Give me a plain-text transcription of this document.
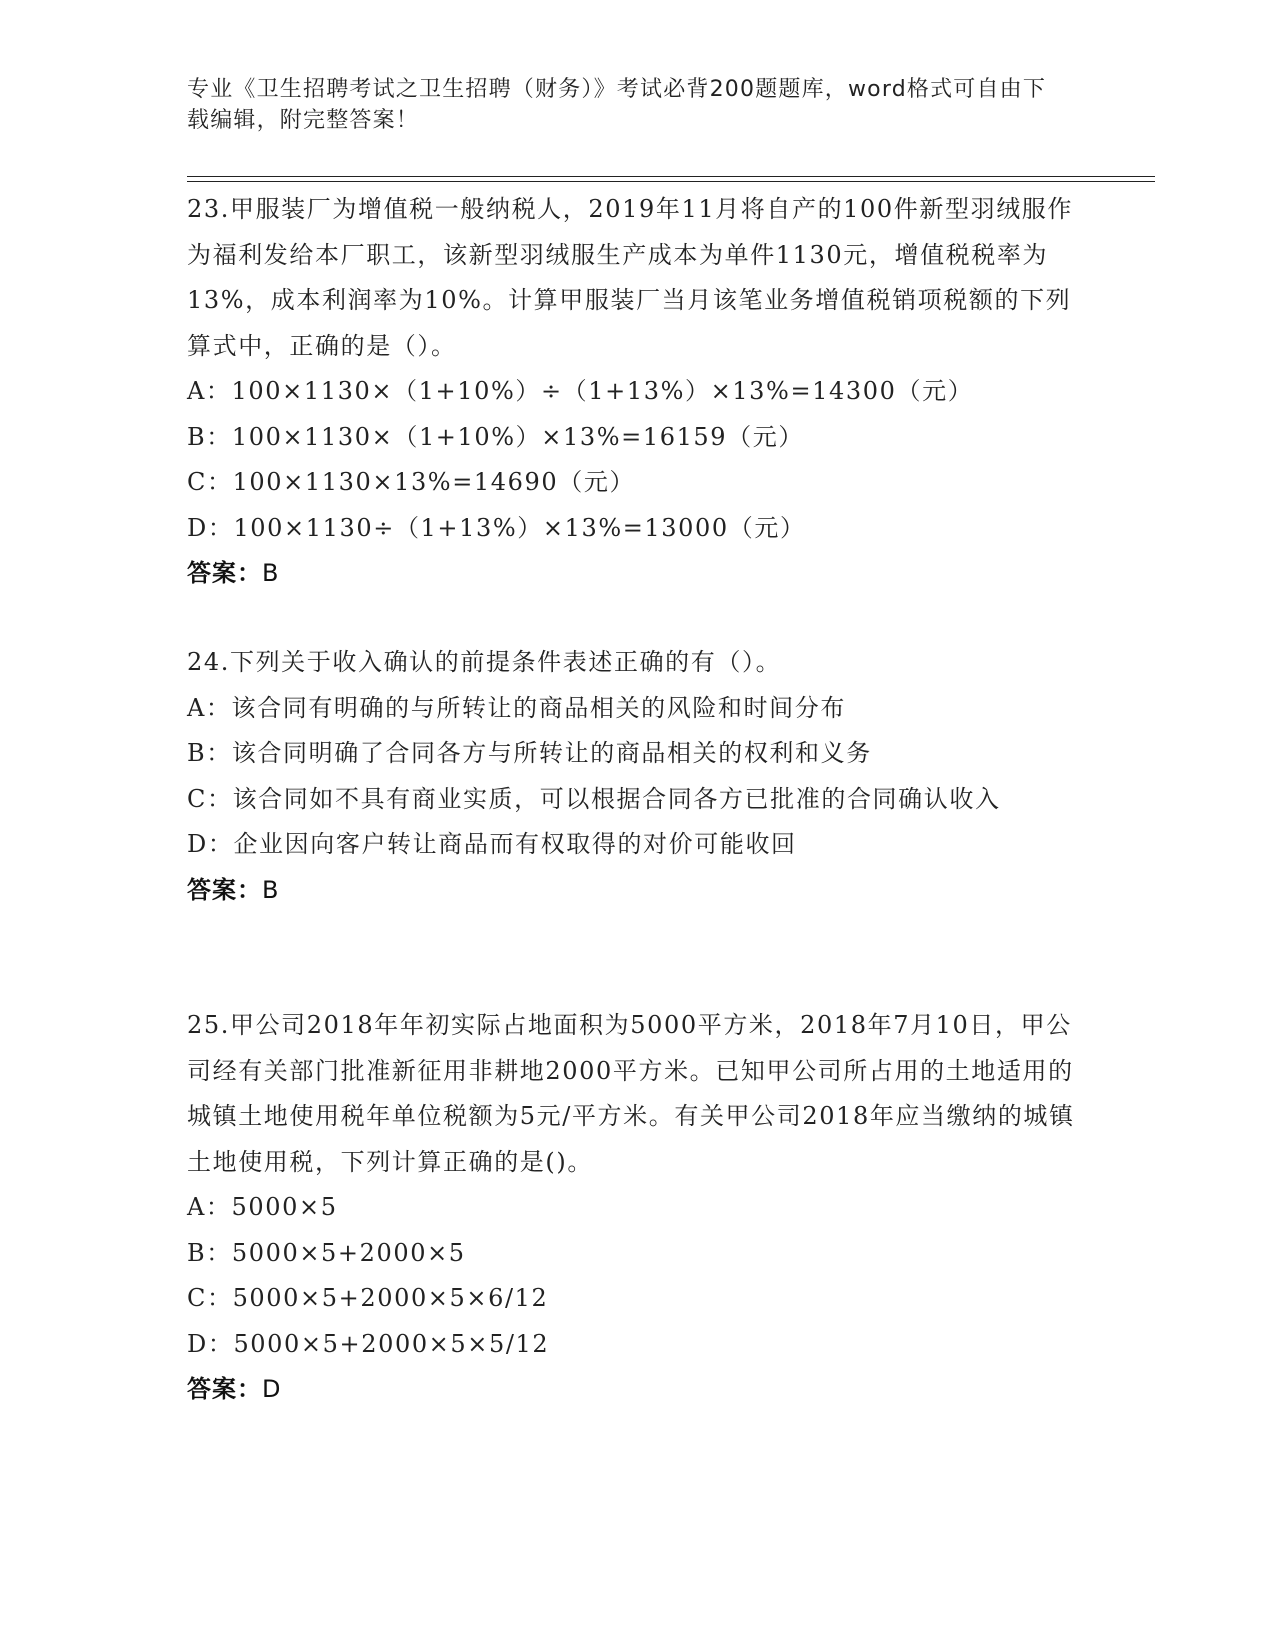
专业《卫生招聘考试之卫生招聘（财务）》考试必背200题题库，word格式可自由下载编辑，附完整答案！

23.甲服装厂为增值税一般纳税人，2019年11月将自产的100件新型羽绒服作为福利发给本厂职工，该新型羽绒服生产成本为单件1130元，增值税税率为13%，成本利润率为10%。计算甲服装厂当月该笔业务增值税销项税额的下列算式中，正确的是（）。

A：100×1130×（1+10%）÷（1+13%）×13%=14300（元）

B：100×1130×（1+10%）×13%=16159（元）

C：100×1130×13%=14690（元）

D：100×1130÷（1+13%）×13%=13000（元）

答案：B

24.下列关于收入确认的前提条件表述正确的有（）。

A：该合同有明确的与所转让的商品相关的风险和时间分布

B：该合同明确了合同各方与所转让的商品相关的权利和义务

C：该合同如不具有商业实质，可以根据合同各方已批准的合同确认收入

D：企业因向客户转让商品而有权取得的对价可能收回

答案：B

25.甲公司2018年年初实际占地面积为5000平方米，2018年7月10日，甲公司经有关部门批准新征用非耕地2000平方米。已知甲公司所占用的土地适用的城镇土地使用税年单位税额为5元/平方米。有关甲公司2018年应当缴纳的城镇土地使用税，下列计算正确的是()。

A：5000×5

B：5000×5+2000×5

C：5000×5+2000×5×6/12

D：5000×5+2000×5×5/12

答案：D
